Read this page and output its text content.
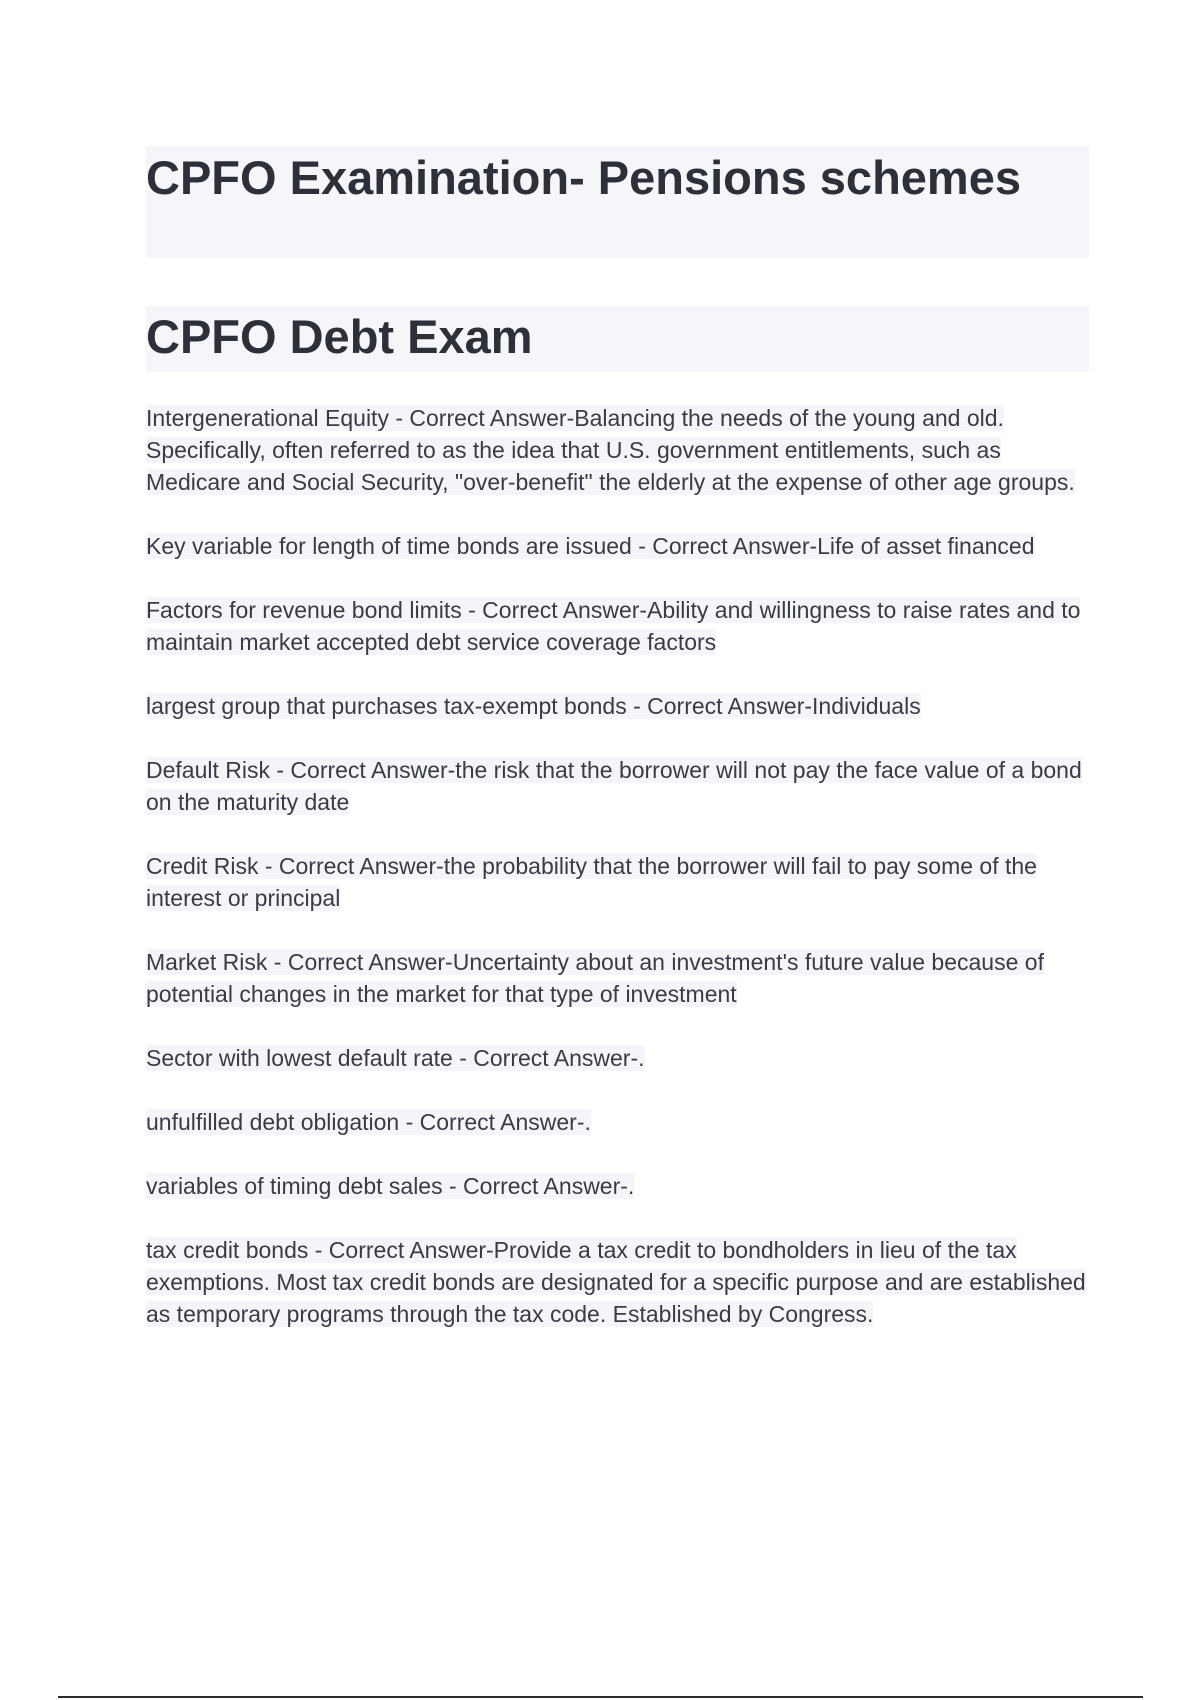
CPFO Examination- Pensions schemes
CPFO Debt Exam

Intergenerational Equity - Correct Answer-Balancing the needs of the young and old. Specifically, often referred to as the idea that U.S. government entitlements, such as Medicare and Social Security, "over-benefit" the elderly at the expense of other age groups.

Key variable for length of time bonds are issued - Correct Answer-Life of asset financed

Factors for revenue bond limits - Correct Answer-Ability and willingness to raise rates and to maintain market accepted debt service coverage factors

largest group that purchases tax-exempt bonds - Correct Answer-Individuals

Default Risk - Correct Answer-the risk that the borrower will not pay the face value of a bond on the maturity date

Credit Risk - Correct Answer-the probability that the borrower will fail to pay some of the interest or principal

Market Risk - Correct Answer-Uncertainty about an investment's future value because of potential changes in the market for that type of investment

Sector with lowest default rate - Correct Answer-.

unfulfilled debt obligation - Correct Answer-.

variables of timing debt sales - Correct Answer-.

tax credit bonds - Correct Answer-Provide a tax credit to bondholders in lieu of the tax exemptions. Most tax credit bonds are designated for a specific purpose and are established as temporary programs through the tax code. Established by Congress.
